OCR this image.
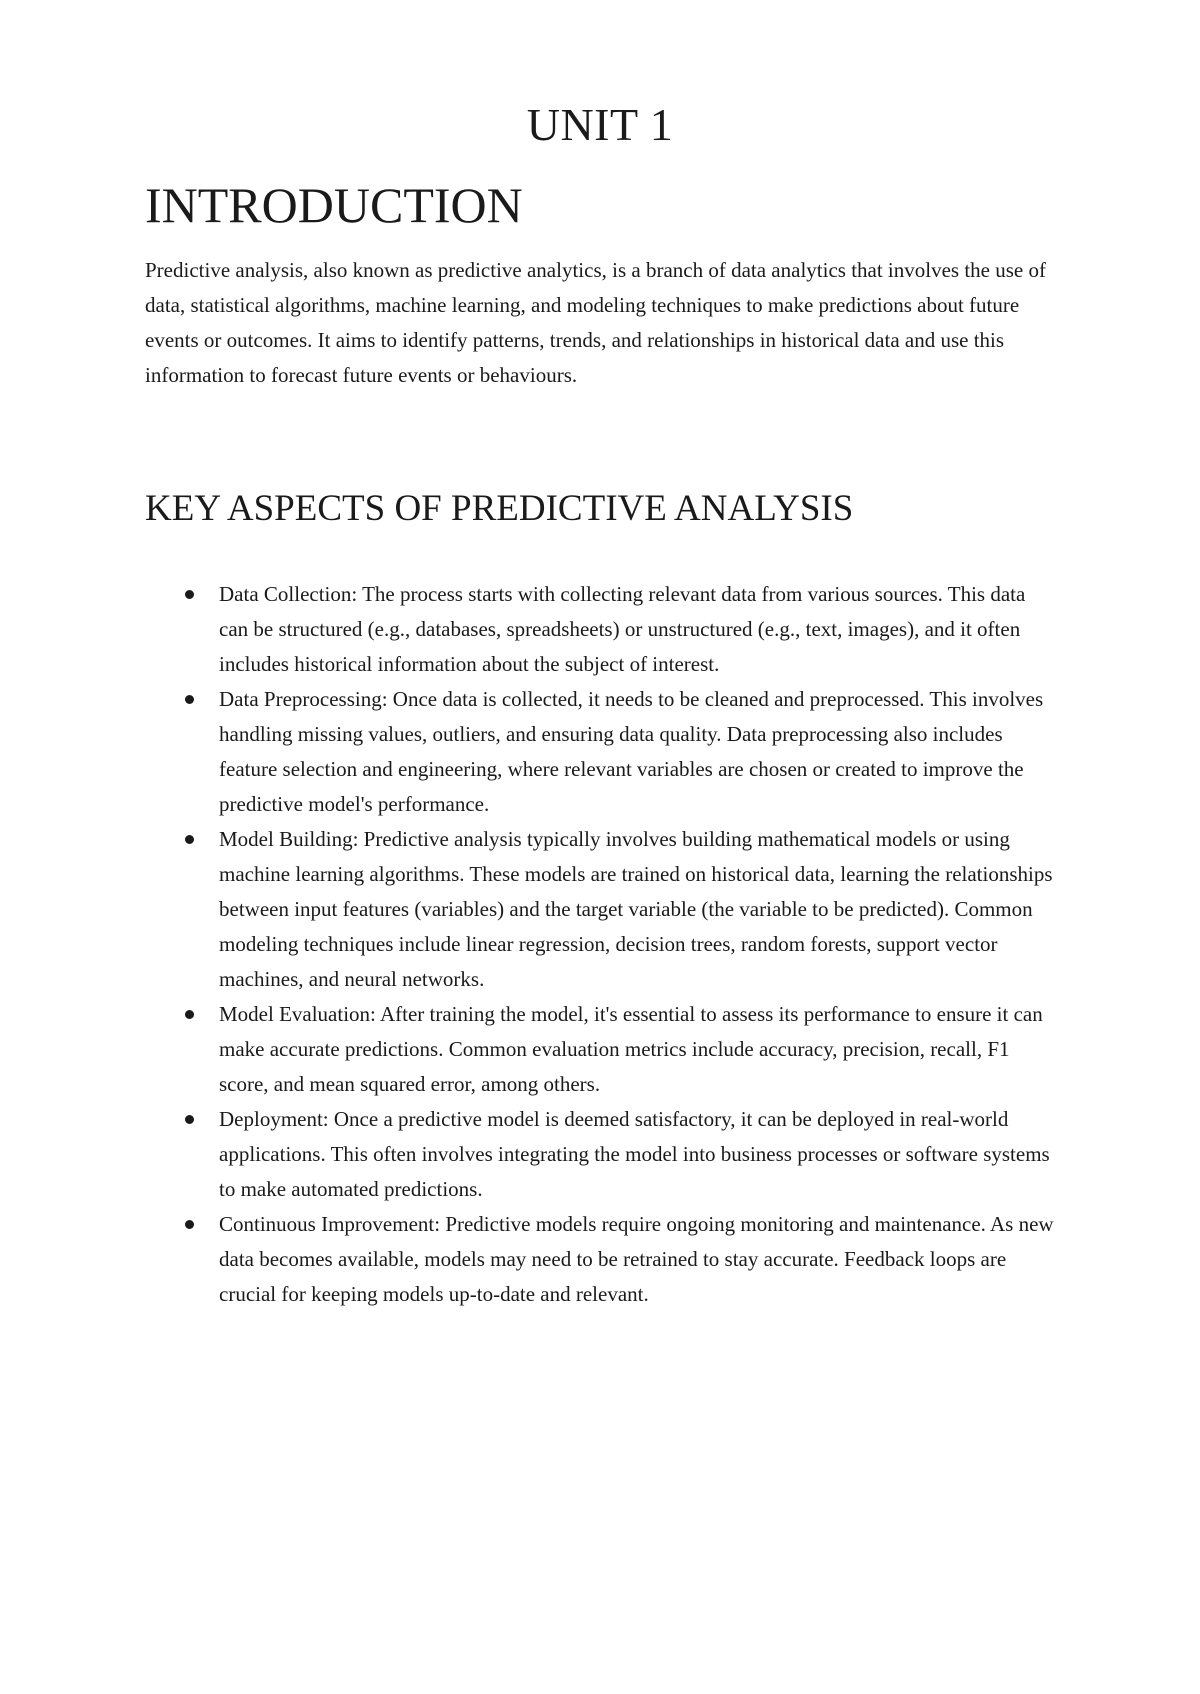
UNIT 1
INTRODUCTION

Predictive analysis, also known as predictive analytics, is a branch of data analytics that involves the use of data, statistical algorithms, machine learning, and modeling techniques to make predictions about future events or outcomes. It aims to identify patterns, trends, and relationships in historical data and use this information to forecast future events or behaviours.

KEY ASPECTS OF PREDICTIVE ANALYSIS
Data Collection: The process starts with collecting relevant data from various sources. This data can be structured (e.g., databases, spreadsheets) or unstructured (e.g., text, images), and it often includes historical information about the subject of interest.
Data Preprocessing: Once data is collected, it needs to be cleaned and preprocessed. This involves handling missing values, outliers, and ensuring data quality. Data preprocessing also includes feature selection and engineering, where relevant variables are chosen or created to improve the predictive model's performance.
Model Building: Predictive analysis typically involves building mathematical models or using machine learning algorithms. These models are trained on historical data, learning the relationships between input features (variables) and the target variable (the variable to be predicted). Common modeling techniques include linear regression, decision trees, random forests, support vector machines, and neural networks.
Model Evaluation: After training the model, it's essential to assess its performance to ensure it can make accurate predictions. Common evaluation metrics include accuracy, precision, recall, F1 score, and mean squared error, among others.
Deployment: Once a predictive model is deemed satisfactory, it can be deployed in real-world applications. This often involves integrating the model into business processes or software systems to make automated predictions.
Continuous Improvement: Predictive models require ongoing monitoring and maintenance. As new data becomes available, models may need to be retrained to stay accurate. Feedback loops are crucial for keeping models up-to-date and relevant.
